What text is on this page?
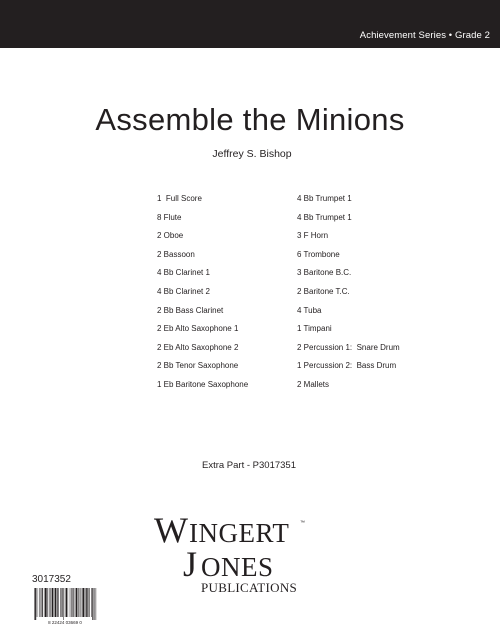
Achievement Series • Grade 2
Assemble the Minions
Jeffrey S. Bishop
1  Full Score
8 Flute
2 Oboe
2 Bassoon
4 Bb Clarinet 1
4 Bb Clarinet 2
2 Bb Bass Clarinet
2 Eb Alto Saxophone 1
2 Eb Alto Saxophone 2
2 Bb Tenor Saxophone
1 Eb Baritone Saxophone
4 Bb Trumpet 1
4 Bb Trumpet 1
3 F Horn
6 Trombone
3 Baritone B.C.
2 Baritone T.C.
4 Tuba
1 Timpani
2 Percussion 1:  Snare Drum
1 Percussion 2:  Bass Drum
2 Mallets
Extra Part - P3017351
W INGERT ™
J ONES
PUBLICATIONS
3017352
8 22424 03669 0
